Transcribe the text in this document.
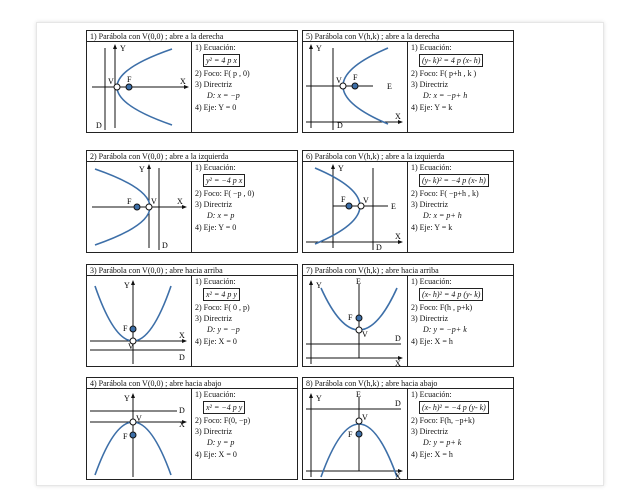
1) Parábola con V(0,0) ; abre a la derecha
Y
X
V F
D
1) Ecuación:
y² = 4 p x
2) Foco: F( p , 0)
3) Directriz
D: x = −p
4) Eje: Y = 0
5) Parábola con V(h,k) ; abre a la derecha
Y
X
V F
D
E
1) Ecuación:
(y- k)² = 4 p (x- h)
2) Foco: F( p+h , k )
3) Directriz
D: x = −p+ h
4) Eje: Y = k
2) Parábola con V(0,0) ; abre a la izquierda
Y
X
V
F
D
1) Ecuación:
y² = −4 p x
2) Foco: F( −p , 0)
3) Directriz
D: x = p
4) Eje: Y = 0
6) Parábola con V(h,k) ; abre a la izquierda
Y
X
V
F
D
E
1) Ecuación:
(y- k)² = −4 p (x- h)
2) Foco: F( −p+h , k)
3) Directriz
D: x = p+ h
4) Eje: Y = k
3) Parábola con V(0,0) ; abre hacia arriba
Y
X
V
F
D
1) Ecuación:
x² = 4 p y
2) Foco: F( 0 , p)
3) Directriz
D: y = −p
4) Eje: X = 0
7) Parábola con V(h,k) ; abre hacia arriba
Y
X
V
F
D
E	1) Ecuación:
(x- h)² = 4 p (y- k)
2) Foco: F(h , p+k)
3) Directriz
D: y = −p+ k
4) Eje: X = h
4) Parábola con V(0,0) ; abre hacia abajo
Y
X
V
F
D
1) Ecuación:
x² = −4 p y
2) Foco: F(0, −p)
3) Directriz
D: y = p
4) Eje: X = 0
8) Parábola con V(h,k) ; abre hacia abajo
Y
X
V
F
D
E	1) Ecuación:
(x- h)² = −4 p (y- k)
2) Foco: F(h, −p+k)
3) Directriz
D: y = p+ k
4) Eje: X = h
